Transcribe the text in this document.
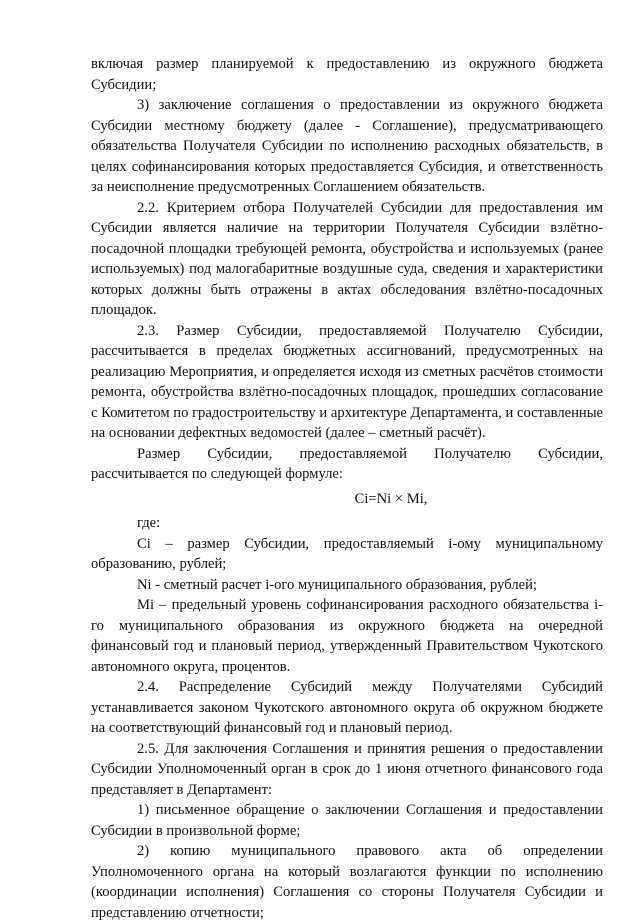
включая размер планируемой к предоставлению из окружного бюджета Субсидии;

3) заключение соглашения о предоставлении из окружного бюджета Субсидии местному бюджету (далее - Соглашение), предусматривающего обязательства Получателя Субсидии по исполнению расходных обязательств, в целях софинансирования которых предоставляется Субсидия, и ответственность за неисполнение предусмотренных Соглашением обязательств.

2.2. Критерием отбора Получателей Субсидии для предоставления им Субсидии является наличие на территории Получателя Субсидии взлётно-посадочной площадки требующей ремонта, обустройства и используемых (ранее используемых) под малогабаритные воздушные суда, сведения и характеристики которых должны быть отражены в актах обследования взлётно-посадочных площадок.

2.3. Размер Субсидии, предоставляемой Получателю Субсидии, рассчитывается в пределах бюджетных ассигнований, предусмотренных на реализацию Мероприятия, и определяется исходя из сметных расчётов стоимости ремонта, обустройства взлётно-посадочных площадок, прошедших согласование с Комитетом по градостроительству и архитектуре Департамента, и составленные на основании дефектных ведомостей (далее – сметный расчёт).

Размер Субсидии, предоставляемой Получателю Субсидии, рассчитывается по следующей формуле:

Ci=Ni × Mi,

где:

Ci – размер Субсидии, предоставляемый i-ому муниципальному образованию, рублей;

Ni - сметный расчет i-ого муниципального образования, рублей;

Mi – предельный уровень софинансирования расходного обязательства i-го муниципального образования из окружного бюджета на очередной финансовый год и плановый период, утвержденный Правительством Чукотского автономного округа, процентов.

2.4. Распределение Субсидий между Получателями Субсидий устанавливается законом Чукотского автономного округа об окружном бюджете на соответствующий финансовый год и плановый период.

2.5. Для заключения Соглашения и принятия решения о предоставлении Субсидии Уполномоченный орган в срок до 1 июня отчетного финансового года представляет в Департамент:

1) письменное обращение о заключении Соглашения и предоставлении Субсидии в произвольной форме;

2) копию муниципального правового акта об определении Уполномоченного органа на который возлагаются функции по исполнению (координации исполнения) Соглашения со стороны Получателя Субсидии и представлению отчетности;
